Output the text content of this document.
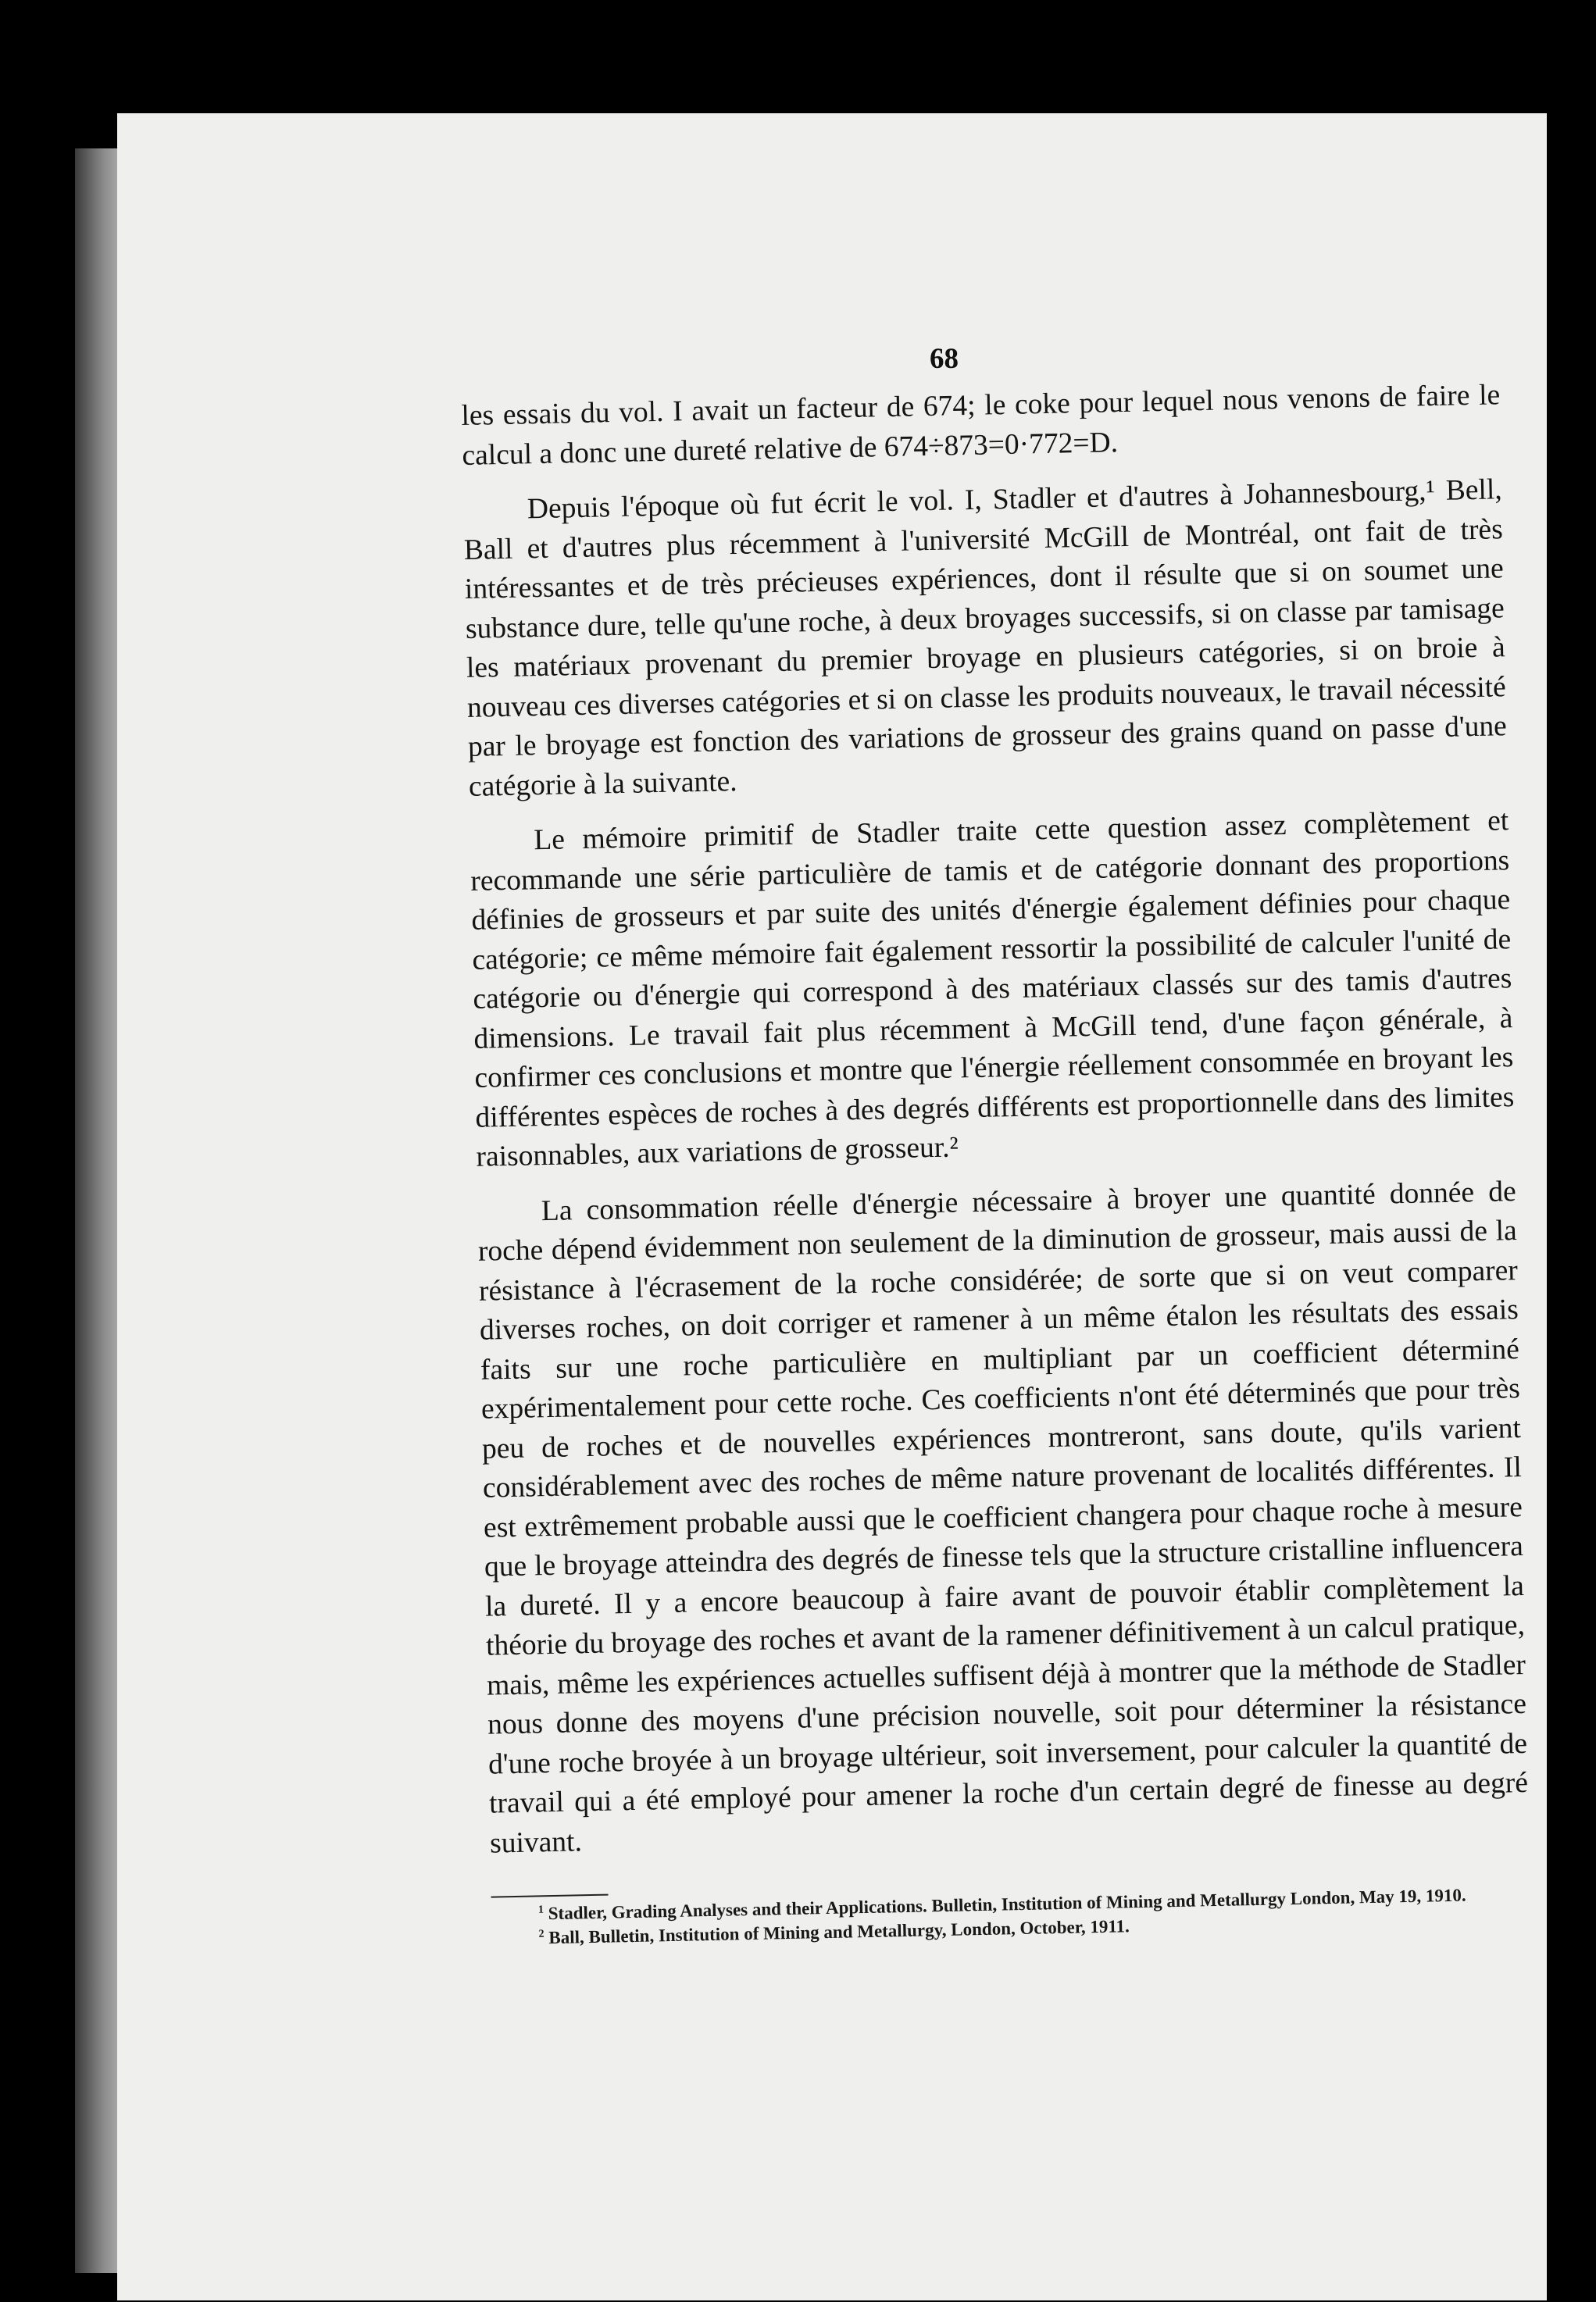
68

les essais du vol. I avait un facteur de 674; le coke pour lequel nous venons de faire le calcul a donc une dureté relative de 674÷873=0·772=D.

Depuis l'époque où fut écrit le vol. I, Stadler et d'autres à Johannesbourg,¹ Bell, Ball et d'autres plus récemment à l'université McGill de Montréal, ont fait de très intéressantes et de très précieuses expériences, dont il résulte que si on soumet une substance dure, telle qu'une roche, à deux broyages successifs, si on classe par tamisage les matériaux provenant du premier broyage en plusieurs catégories, si on broie à nouveau ces diverses catégories et si on classe les produits nouveaux, le travail nécessité par le broyage est fonction des variations de grosseur des grains quand on passe d'une catégorie à la suivante.

Le mémoire primitif de Stadler traite cette question assez complètement et recommande une série particulière de tamis et de catégorie donnant des proportions définies de grosseurs et par suite des unités d'énergie également définies pour chaque catégorie; ce même mémoire fait également ressortir la possibilité de calculer l'unité de catégorie ou d'énergie qui correspond à des matériaux classés sur des tamis d'autres dimensions. Le travail fait plus récemment à McGill tend, d'une façon générale, à confirmer ces conclusions et montre que l'énergie réellement consommée en broyant les différentes espèces de roches à des degrés différents est proportionnelle dans des limites raisonnables, aux variations de grosseur.²

La consommation réelle d'énergie nécessaire à broyer une quantité donnée de roche dépend évidemment non seulement de la diminution de grosseur, mais aussi de la résistance à l'écrasement de la roche considérée; de sorte que si on veut comparer diverses roches, on doit corriger et ramener à un même étalon les résultats des essais faits sur une roche particulière en multipliant par un coefficient déterminé expérimentalement pour cette roche. Ces coefficients n'ont été déterminés que pour très peu de roches et de nouvelles expériences montreront, sans doute, qu'ils varient considérablement avec des roches de même nature provenant de localités différentes. Il est extrêmement probable aussi que le coefficient changera pour chaque roche à mesure que le broyage atteindra des degrés de finesse tels que la structure cristalline influencera la dureté. Il y a encore beaucoup à faire avant de pouvoir établir complètement la théorie du broyage des roches et avant de la ramener définitivement à un calcul pratique, mais, même les expériences actuelles suffisent déjà à montrer que la méthode de Stadler nous donne des moyens d'une précision nouvelle, soit pour déterminer la résistance d'une roche broyée à un broyage ultérieur, soit inversement, pour calculer la quantité de travail qui a été employé pour amener la roche d'un certain degré de finesse au degré suivant.

$^1$ Stadler, Grading Analyses and their Applications. Bulletin, Institution of Mining and Metallurgy London, May 19, 1910.

$^2$ Ball, Bulletin, Institution of Mining and Metallurgy, London, October, 1911.
